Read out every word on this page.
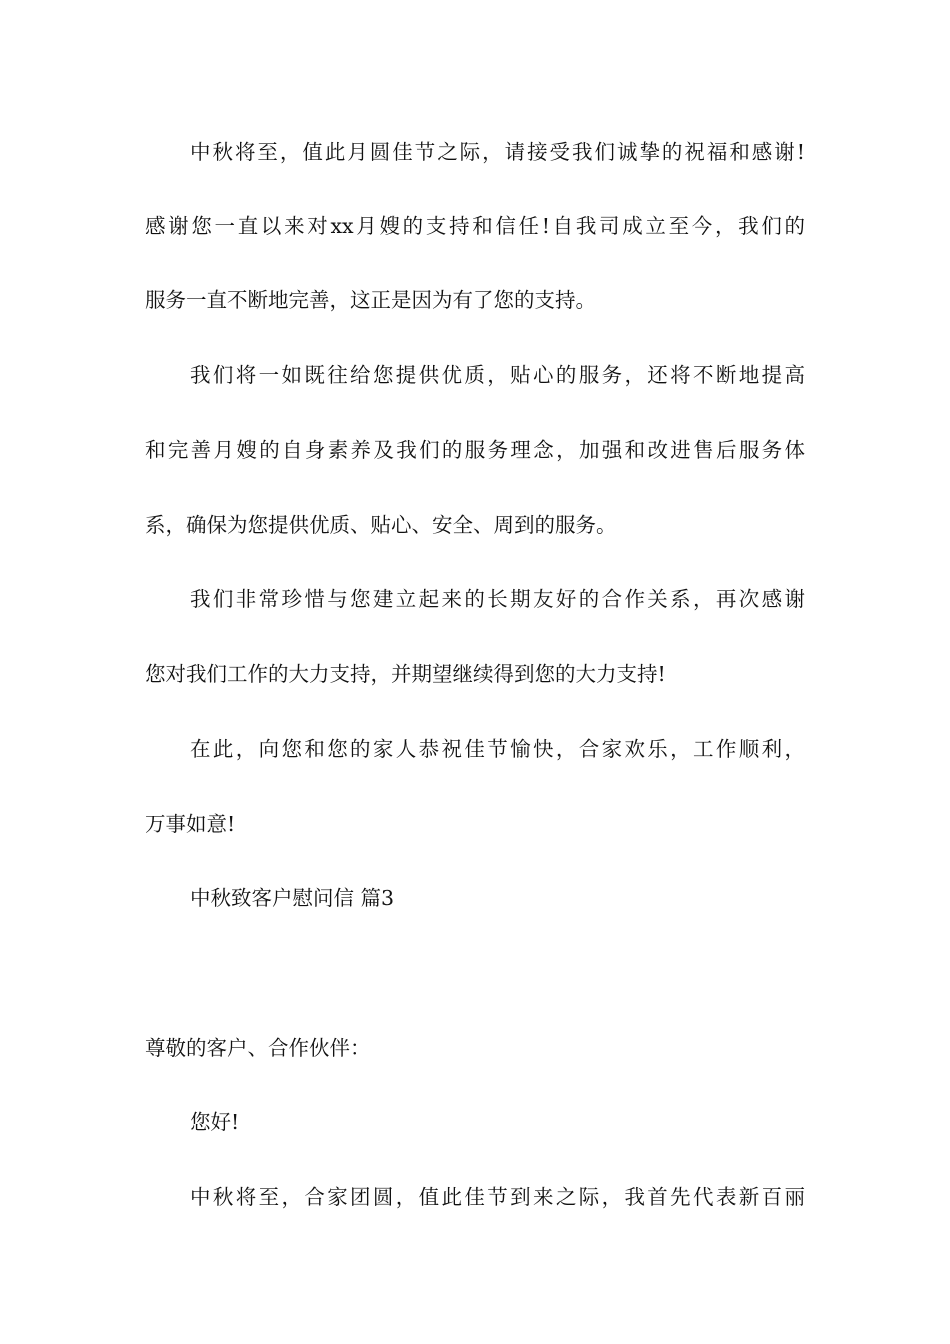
中秋将至，值此月圆佳节之际，请接受我们诚挚的祝福和感谢!
感谢您一直以来对xx月嫂的支持和信任!自我司成立至今，我们的
服务一直不断地完善，这正是因为有了您的支持。
我们将一如既往给您提供优质，贴心的服务，还将不断地提高
和完善月嫂的自身素养及我们的服务理念，加强和改进售后服务体
系，确保为您提供优质、贴心、安全、周到的服务。
我们非常珍惜与您建立起来的长期友好的合作关系，再次感谢
您对我们工作的大力支持，并期望继续得到您的大力支持!
在此，向您和您的家人恭祝佳节愉快，合家欢乐，工作顺利，
万事如意!
中秋致客户慰问信 篇3
尊敬的客户、合作伙伴：
您好!
中秋将至，合家团圆，值此佳节到来之际，我首先代表新百丽
